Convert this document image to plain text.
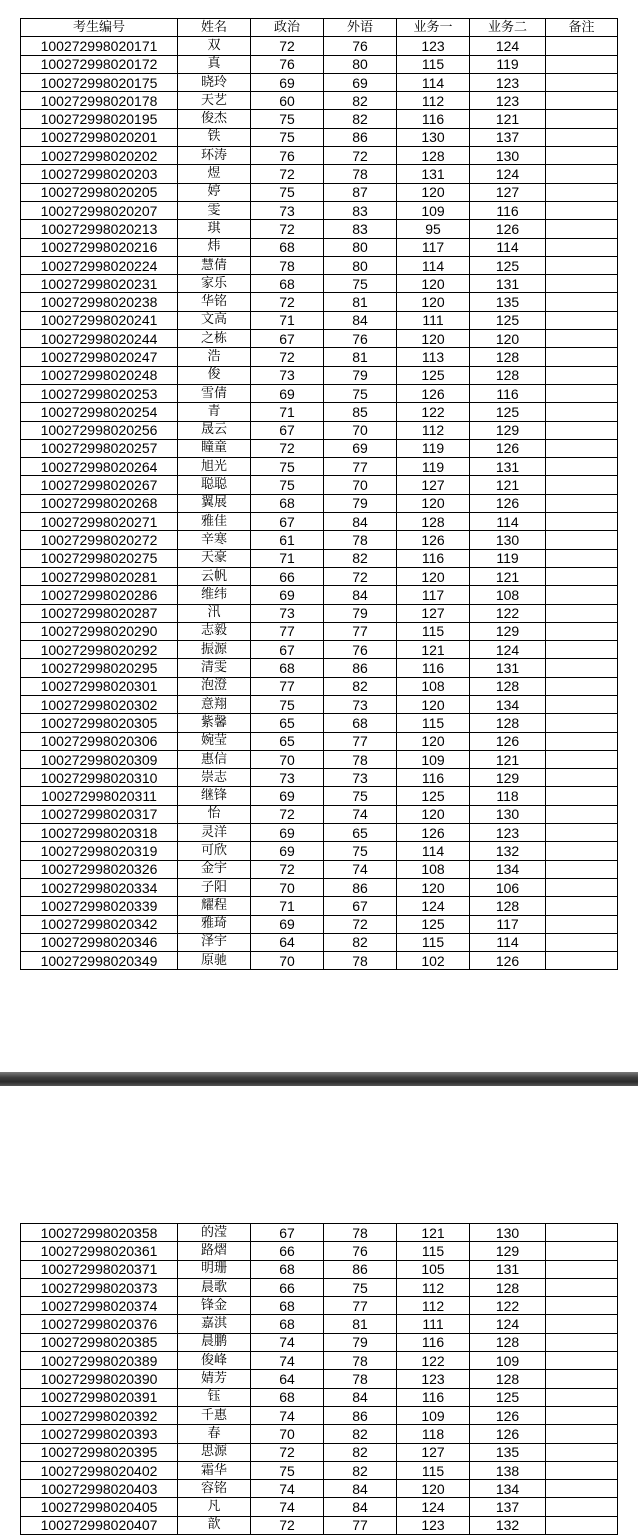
考生编号	姓名	政治	外语	业务一	业务二	备注
100272998020171	双	72	76	123	124	
100272998020172	真	76	80	115	119	
100272998020175	晓玲	69	69	114	123	
100272998020178	天艺	60	82	112	123	
100272998020195	俊杰	75	82	116	121	
100272998020201	铁	75	86	130	137	
100272998020202	环涛	76	72	128	130	
100272998020203	煜	72	78	131	124	
100272998020205	婷	75	87	120	127	
100272998020207	雯	73	83	109	116	
100272998020213	琪	72	83	95	126	
100272998020216	炜	68	80	117	114	
100272998020224	慧倩	78	80	114	125	
100272998020231	家乐	68	75	120	131	
100272998020238	华铭	72	81	120	135	
100272998020241	文高	71	84	111	125	
100272998020244	之栋	67	76	120	120	
100272998020247	浩	72	81	113	128	
100272998020248	俊	73	79	125	128	
100272998020253	雪倩	69	75	126	116	
100272998020254	青	71	85	122	125	
100272998020256	晟云	67	70	112	129	
100272998020257	瞳童	72	69	119	126	
100272998020264	旭光	75	77	119	131	
100272998020267	聪聪	75	70	127	121	
100272998020268	翼展	68	79	120	126	
100272998020271	雅佳	67	84	128	114	
100272998020272	辛寒	61	78	126	130	
100272998020275	天豪	71	82	116	119	
100272998020281	云帆	66	72	120	121	
100272998020286	维纬	69	84	117	108	
100272998020287	汛	73	79	127	122	
100272998020290	志毅	77	77	115	129	
100272998020292	振源	67	76	121	124	
100272998020295	清雯	68	86	116	131	
100272998020301	泡澄	77	82	108	128	
100272998020302	意翔	75	73	120	134	
100272998020305	紫馨	65	68	115	128	
100272998020306	婉莹	65	77	120	126	
100272998020309	惠信	70	78	109	121	
100272998020310	崇志	73	73	116	129	
100272998020311	继锋	69	75	125	118	
100272998020317	怡	72	74	120	130	
100272998020318	灵洋	69	65	126	123	
100272998020319	可欣	69	75	114	132	
100272998020326	金宇	72	74	108	134	
100272998020334	子阳	70	86	120	106	
100272998020339	耀程	71	67	124	128	
100272998020342	雅琦	69	72	125	117	
100272998020346	泽宇	64	82	115	114	
100272998020349	原驰	70	78	102	126	
100272998020358	的滢	67	78	121	130	
100272998020361	路熠	66	76	115	129	
100272998020371	明珊	68	86	105	131	
100272998020373	晨歌	66	75	112	128	
100272998020374	锋金	68	77	112	122	
100272998020376	嘉淇	68	81	111	124	
100272998020385	晨鹏	74	79	116	128	
100272998020389	俊峰	74	78	122	109	
100272998020390	婧芳	64	78	123	128	
100272998020391	钰	68	84	116	125	
100272998020392	千惠	74	86	109	126	
100272998020393	春	70	82	118	126	
100272998020395	思源	72	82	127	135	
100272998020402	霜华	75	82	115	138	
100272998020403	容铭	74	84	120	134	
100272998020405	凡	74	84	124	137	
100272998020407	歆	72	77	123	132	
